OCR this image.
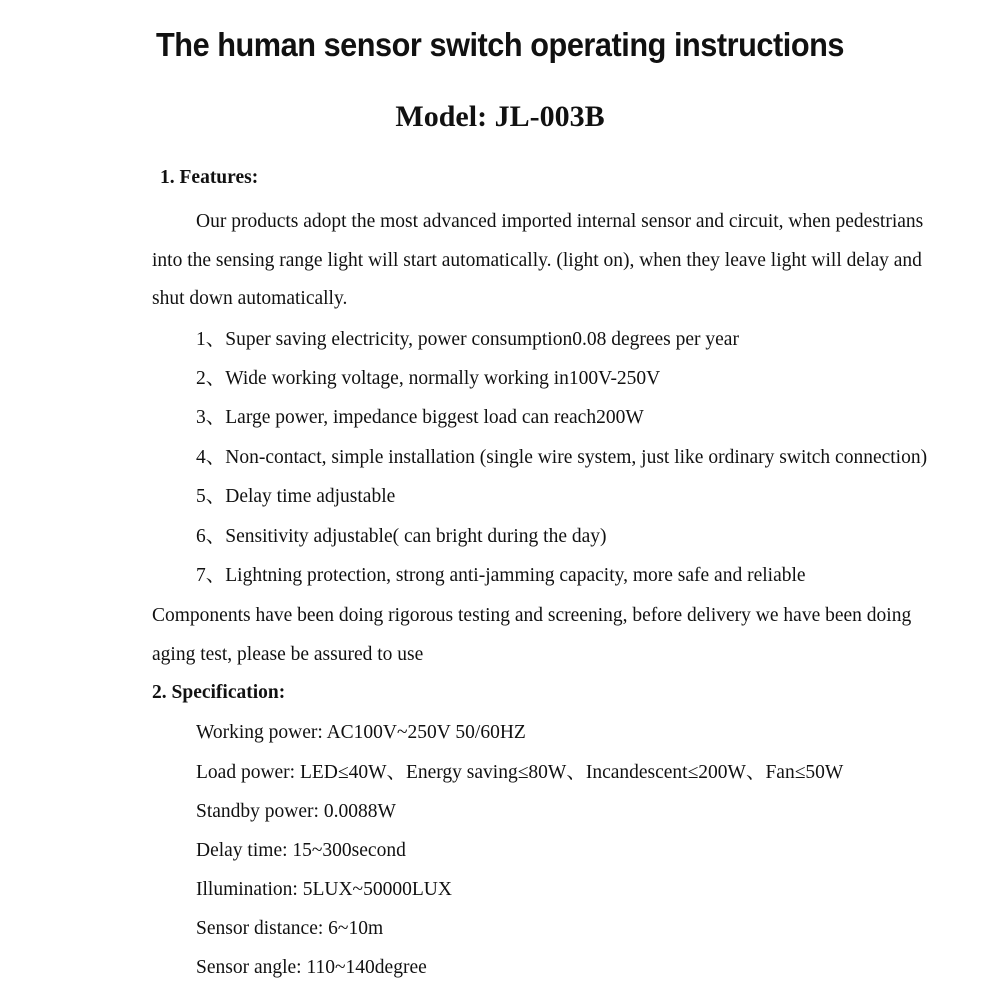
The human sensor switch operating instructions
Model: JL-003B
1. Features:
Our products adopt the most advanced imported internal sensor and circuit, when pedestrians
into the sensing range light will start automatically. (light on), when they leave light will delay and
shut down automatically.
1、Super saving electricity, power consumption0.08 degrees per year
2、Wide working voltage, normally working in100V-250V
3、Large power, impedance biggest load can reach200W
4、Non-contact, simple installation (single wire system, just like ordinary switch connection)
5、Delay time adjustable
6、Sensitivity adjustable( can bright during the day)
7、Lightning protection, strong anti-jamming capacity, more safe and reliable
Components have been doing rigorous testing and screening, before delivery we have been doing
aging test, please be assured to use
2. Specification:
Working power: AC100V~250V 50/60HZ
Load power: LED≤40W、Energy saving≤80W、Incandescent≤200W、Fan≤50W
Standby power: 0.0088W
Delay time: 15~300second
Illumination: 5LUX~50000LUX
Sensor distance: 6~10m
Sensor angle: 110~140degree
